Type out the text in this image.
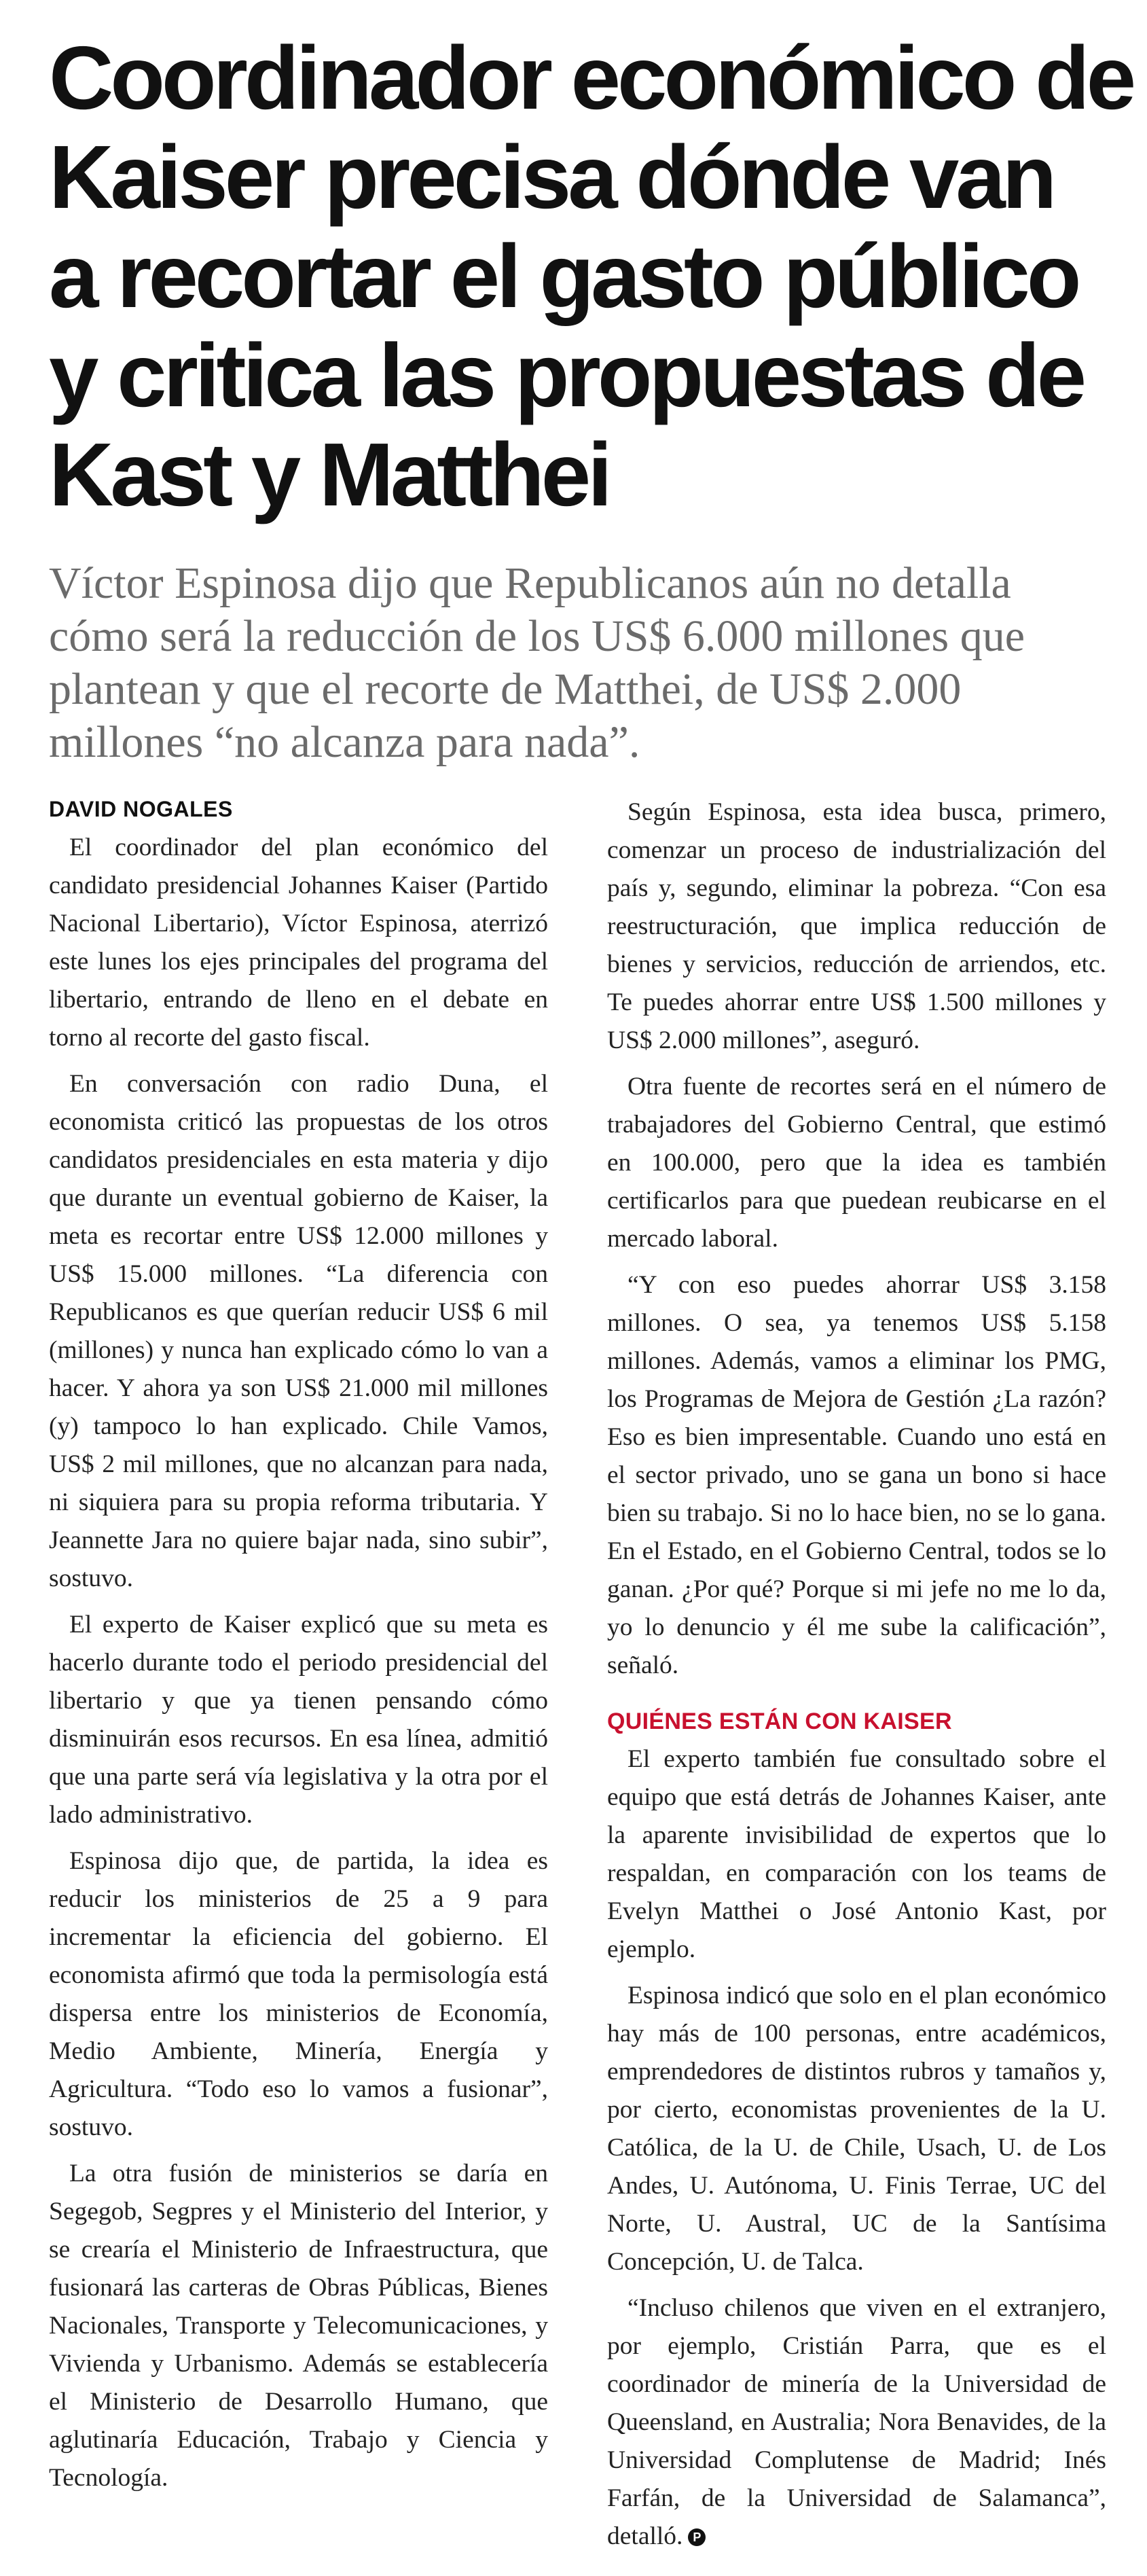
Coordinador económico de
Kaiser precisa dónde van
a recortar el gasto público
y critica las propuestas de
Kast y Matthei
Víctor Espinosa dijo que Republicanos aún no detalla
cómo será la reducción de los US$ 6.000 millones que
plantean y que el recorte de Matthei, de US$ 2.000
millones “no alcanza para nada”.
DAVID NOGALES

El coordinador del plan económico del candidato presidencial Johannes Kaiser (Partido Nacional Libertario), Víctor Espinosa, aterrizó este lunes los ejes principales del programa del libertario, entrando de lleno en el debate en torno al recorte del gasto fiscal.

En conversación con radio Duna, el economista criticó las propuestas de los otros candidatos presidenciales en esta materia y dijo que durante un eventual gobierno de Kaiser, la meta es recortar entre US$ 12.000 millones y US$ 15.000 millones. “La diferencia con Republicanos es que querían reducir US$ 6 mil (millones) y nunca han explicado cómo lo van a hacer. Y ahora ya son US$ 21.000 mil millones (y) tampoco lo han explicado. Chile Vamos, US$ 2 mil millones, que no alcanzan para nada, ni siquiera para su propia reforma tributaria. Y Jeannette Jara no quiere bajar nada, sino subir”, sostuvo.

El experto de Kaiser explicó que su meta es hacerlo durante todo el periodo presidencial del libertario y que ya tienen pensando cómo disminuirán esos recursos. En esa línea, admitió que una parte será vía legislativa y la otra por el lado administrativo.

Espinosa dijo que, de partida, la idea es reducir los ministerios de 25 a 9 para incrementar la eficiencia del gobierno. El economista afirmó que toda la permisología está dispersa entre los ministerios de Economía, Medio Ambiente, Minería, Energía y Agricultura. “Todo eso lo vamos a fusionar”, sostuvo.

La otra fusión de ministerios se daría en Segegob, Segpres y el Ministerio del Interior, y se crearía el Ministerio de Infraestructura, que fusionará las carteras de Obras Públicas, Bienes Nacionales, Transporte y Telecomunicaciones, y Vivienda y Urbanismo. Además se establecería el Ministerio de Desarrollo Humano, que aglutinaría Educación, Trabajo y Ciencia y Tecnología.

Según Espinosa, esta idea busca, primero, comenzar un proceso de industrialización del país y, segundo, eliminar la pobreza. “Con esa reestructuración, que implica reducción de bienes y servicios, reducción de arriendos, etc. Te puedes ahorrar entre US$ 1.500 millones y US$ 2.000 millones”, aseguró.

Otra fuente de recortes será en el número de trabajadores del Gobierno Central, que estimó en 100.000, pero que la idea es también certificarlos para que puedean reubicarse en el mercado laboral.

“Y con eso puedes ahorrar US$ 3.158 millones. O sea, ya tenemos US$ 5.158 millones. Además, vamos a eliminar los PMG, los Programas de Mejora de Gestión ¿La razón? Eso es bien impresentable. Cuando uno está en el sector privado, uno se gana un bono si hace bien su trabajo. Si no lo hace bien, no se lo gana. En el Estado, en el Gobierno Central, todos se lo ganan. ¿Por qué? Porque si mi jefe no me lo da, yo lo denuncio y él me sube la calificación”, señaló.

QUIÉNES ESTÁN CON KAISER

El experto también fue consultado sobre el equipo que está detrás de Johannes Kaiser, ante la aparente invisibilidad de expertos que lo respaldan, en comparación con los teams de Evelyn Matthei o José Antonio Kast, por ejemplo.

Espinosa indicó que solo en el plan económico hay más de 100 personas, entre académicos, emprendedores de distintos rubros y tamaños y, por cierto, economistas provenientes de la U. Católica, de la U. de Chile, Usach, U. de Los Andes, U. Autónoma, U. Finis Terrae, UC del Norte, U. Austral, UC de la Santísima Concepción, U. de Talca.

“Incluso chilenos que viven en el extranjero, por ejemplo, Cristián Parra, que es el coordinador de minería de la Universidad de Queensland, en Australia; Nora Benavides, de la Universidad Complutense de Madrid; Inés Farfán, de la Universidad de Salamanca”, detalló. P
